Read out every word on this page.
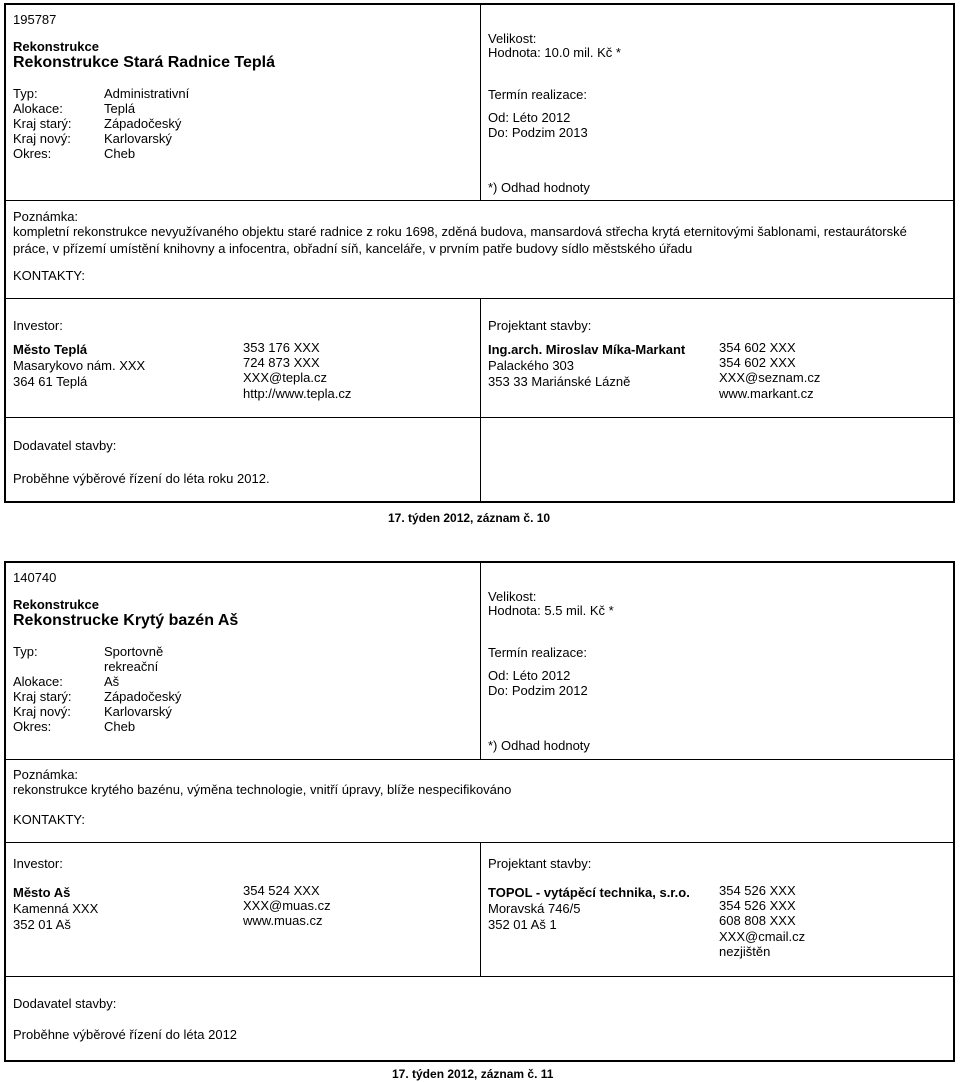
195787
Rekonstrukce
Rekonstrukce Stará Radnice Teplá
Typ:	Administrativní
Alokace:	Teplá
Kraj starý: Západočeský
Kraj nový:	Karlovarský
Okres:	Cheb
Velikost:
Hodnota: 10.0 mil. Kč *
Termín realizace:
Od: Léto 2012
Do: Podzim 2013
*) Odhad hodnoty
Poznámka:
kompletní rekonstrukce nevyužívaného objektu staré radnice z roku 1698, zděná budova, mansardová střecha krytá eternitovými šablonami, restaurátorské práce, v přízemí umístění knihovny a infocentra, obřadní síň, kanceláře, v prvním patře budovy sídlo městského úřadu
KONTAKTY:
Investor:
Město Teplá
Masarykovo nám. XXX
364 61 Teplá
353 176 XXX
724 873 XXX
XXX@tepla.cz
http://www.tepla.cz
Projektant stavby:
Ing.arch. Miroslav Míka-Markant
Palackého 303
353 33 Mariánské Lázně
354 602 XXX
354 602 XXX
XXX@seznam.cz
www.markant.cz
Dodavatel stavby:
Proběhne výběrové řízení do léta roku 2012.
17. týden 2012, záznam č. 10
140740
Rekonstrukce
Rekonstrucke Krytý bazén Aš
Typ:	Sportovně
rekreační
Alokace:	Aš
Kraj starý: Západočeský
Kraj nový:	Karlovarský
Okres:	Cheb
Velikost:
Hodnota: 5.5 mil. Kč *
Termín realizace:
Od: Léto 2012
Do: Podzim 2012
*) Odhad hodnoty
Poznámka:
rekonstrukce krytého bazénu, výměna technologie, vnitří úpravy, blíže nespecifikováno
KONTAKTY:
Investor:
Město Aš
Kamenná XXX
352 01 Aš
354 524 XXX
XXX@muas.cz
www.muas.cz
Projektant stavby:
TOPOL - vytápěcí technika, s.r.o.
Moravská 746/5
352 01 Aš 1
354 526 XXX
354 526 XXX
608 808 XXX
XXX@cmail.cz
nezjištěn
Dodavatel stavby:
Proběhne výběrové řízení do léta 2012
17. týden 2012, záznam č. 11
